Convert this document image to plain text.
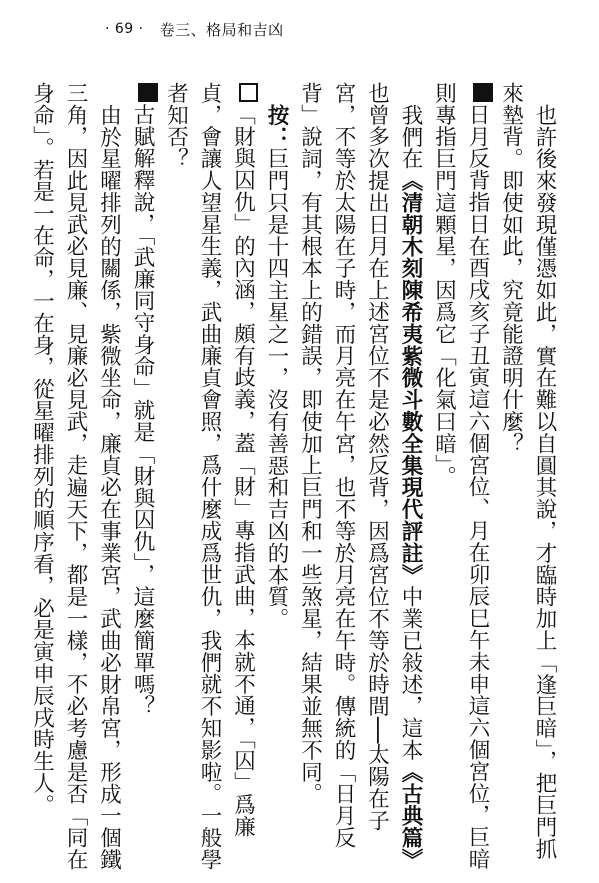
· 69 · 卷三、格局和吉凶

也許後來發現僅憑如此，實在難以自圓其說，才臨時加上「逢巨暗」，把巨門抓來墊背。即使如此，究竟能證明什麼？

日月反背指日在酉戌亥子丑寅這六個宮位、月在卯辰巳午未申這六個宮位，巨暗則專指巨門這顆星，因爲它「化氣曰暗」。

我們在《清朝木刻陳希夷紫微斗數全集現代評註》中業已敍述，這本《古典篇》也曾多次提出日月在上述宮位不是必然反背，因爲宮位不等於時間──太陽在子宮，不等於太陽在子時，而月亮在午宮，也不等於月亮在午時。傳統的「日月反背」說詞，有其根本上的錯誤，即使加上巨門和一些煞星，結果並無不同。

按：巨門只是十四主星之一，沒有善惡和吉凶的本質。

「財與囚仇」的內涵，頗有歧義，蓋「財」專指武曲，本就不通，「囚」爲廉貞，會讓人望星生義，武曲廉貞會照，爲什麼成爲世仇，我們就不知影啦。一般學者知否？

古賦解釋說，「武廉同守身命」就是「財與囚仇」，這麼簡單嗎？

由於星曜排列的關係，紫微坐命，廉貞必在事業宮，武曲必財帛宮，形成一個鐵三角，因此見武必見廉、見廉必見武，走遍天下，都是一樣，不必考慮是否「同在身命」。若是一在命，一在身，從星曜排列的順序看，必是寅申辰戌時生人。
